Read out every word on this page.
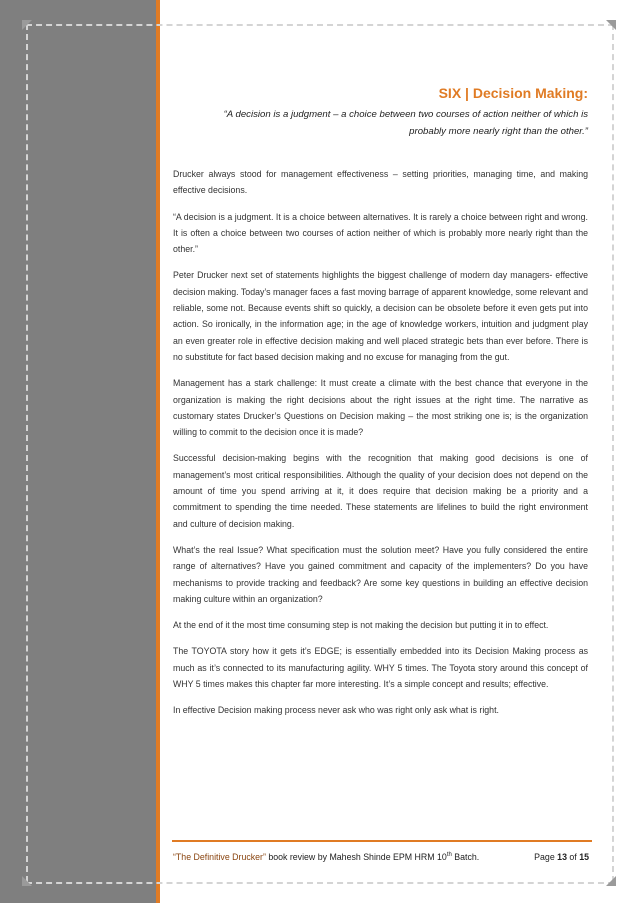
SIX | Decision Making:
“A decision is a judgment – a choice between two courses of action neither of which is probably more nearly right than the other.”

Drucker always stood for management effectiveness – setting priorities, managing time, and making effective decisions.

“A decision is a judgment. It is a choice between alternatives. It is rarely a choice between right and wrong. It is often a choice between two courses of action neither of which is probably more nearly right than the other.”

Peter Drucker next set of statements highlights the biggest challenge of modern day managers- effective decision making. Today’s manager faces a fast moving barrage of apparent knowledge, some relevant and reliable, some not. Because events shift so quickly, a decision can be obsolete before it even gets put into action. So ironically, in the information age; in the age of knowledge workers, intuition and judgment play an even greater role in effective decision making and well placed strategic bets than ever before. There is no substitute for fact based decision making and no excuse for managing from the gut.

Management has a stark challenge: It must create a climate with the best chance that everyone in the organization is making the right decisions about the right issues at the right time. The narrative as customary states Drucker’s Questions on Decision making – the most striking one is; is the organization willing to commit to the decision once it is made?

Successful decision-making begins with the recognition that making good decisions is one of management’s most critical responsibilities. Although the quality of your decision does not depend on the amount of time you spend arriving at it, it does require that decision making be a priority and a commitment to spending the time needed. These statements are lifelines to build the right environment and culture of decision making.

What’s the real Issue? What specification must the solution meet? Have you fully considered the entire range of alternatives? Have you gained commitment and capacity of the implementers? Do you have mechanisms to provide tracking and feedback? Are some key questions in building an effective decision making culture within an organization?

At the end of it the most time consuming step is not making the decision but putting it in to effect.

The TOYOTA story how it gets it’s EDGE; is essentially embedded into its Decision Making process as much as it’s connected to its manufacturing agility. WHY 5 times. The Toyota story around this concept of WHY 5 times makes this chapter far more interesting. It’s a simple concept and results; effective.

In effective Decision making process never ask who was right only ask what is right.

“The Definitive Drucker” book review by Mahesh Shinde EPM HRM 10th Batch.	Page 13 of 15
